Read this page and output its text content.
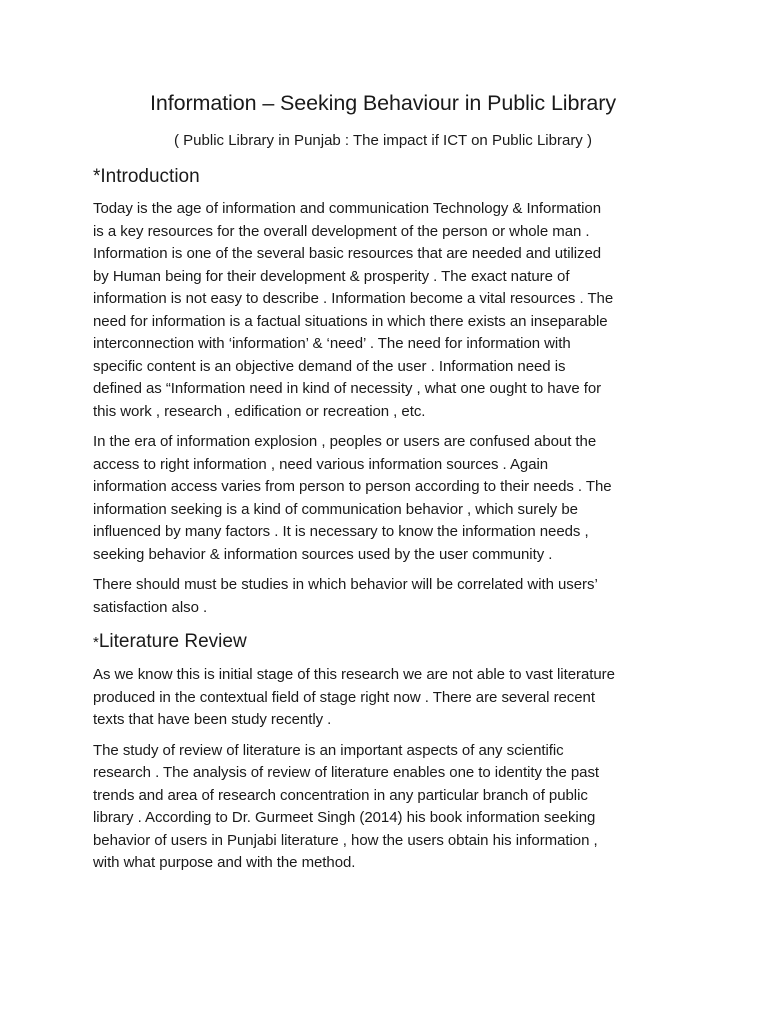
Information – Seeking Behaviour in Public Library
( Public Library in Punjab : The impact if ICT on Public Library )
*Introduction

Today is the age of information and communication Technology & Information
is a key resources for the overall development of the person or whole man .
Information is one of the several basic resources that are needed and utilized
by Human being for their development & prosperity . The exact nature of
information is not easy to describe . Information become a vital resources . The
need for information is a factual situations in which there exists an inseparable
interconnection with ‘information’ & ‘need’ . The need for information with
specific content is an objective demand of the user . Information need is
defined as “Information need in kind of necessity , what one ought to have for
this work , research , edification or recreation , etc.

In the era of information explosion , peoples or users are confused about the
access to right information , need various information sources . Again
information access varies from person to person according to their needs . The
information seeking is a kind of communication behavior , which surely be
influenced by many factors . It is necessary to know the information needs ,
seeking behavior & information sources used by the user community .

There should must be studies in which behavior will be correlated with users’
satisfaction also .

*Literature Review

As we know this is initial stage of this research we are not able to vast literature
produced in the contextual field of stage right now . There are several recent
texts that have been study recently .

The study of review of literature is an important aspects of any scientific
research . The analysis of review of literature enables one to identity the past
trends and area of research concentration in any particular branch of public
library . According to Dr. Gurmeet Singh (2014) his book information seeking
behavior of users in Punjabi literature , how the users obtain his information ,
with what purpose and with the method.
